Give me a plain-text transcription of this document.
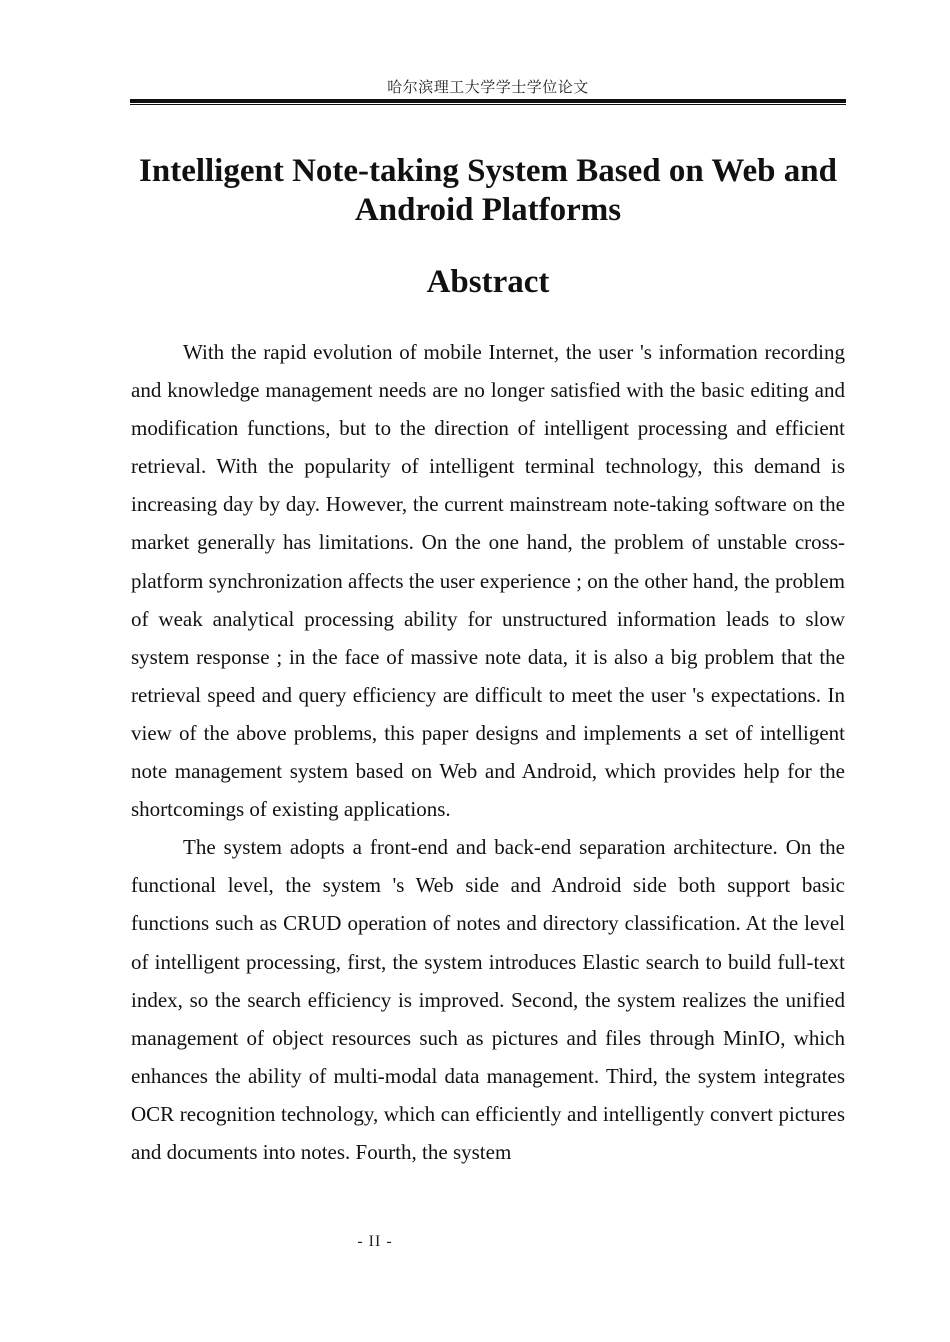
哈尔滨理工大学学士学位论文
Intelligent Note-taking System Based on Web and Android Platforms
Abstract

With the rapid evolution of mobile Internet, the user 's information recording and knowledge management needs are no longer satisfied with the basic editing and modification functions, but to the direction of intelligent processing and efficient retrieval. With the popularity of intelligent terminal technology, this demand is increasing day by day. However, the current mainstream note-taking software on the market generally has limitations. On the one hand, the problem of unstable cross-platform synchronization affects the user experience ; on the other hand, the problem of weak analytical processing ability for unstructured information leads to slow system response ; in the face of massive note data, it is also a big problem that the retrieval speed and query efficiency are difficult to meet the user 's expectations. In view of the above problems, this paper designs and implements a set of intelligent note management system based on Web and Android, which provides help for the shortcomings of existing applications.

The system adopts a front-end and back-end separation architecture. On the functional level, the system 's Web side and Android side both support basic functions such as CRUD operation of notes and directory classification. At the level of intelligent processing, first, the system introduces Elastic search to build full-text index, so the search efficiency is improved. Second, the system realizes the unified management of object resources such as pictures and files through MinIO, which enhances the ability of multi-modal data management. Third, the system integrates OCR recognition technology, which can efficiently and intelligently convert pictures and documents into notes. Fourth, the system

- II -
